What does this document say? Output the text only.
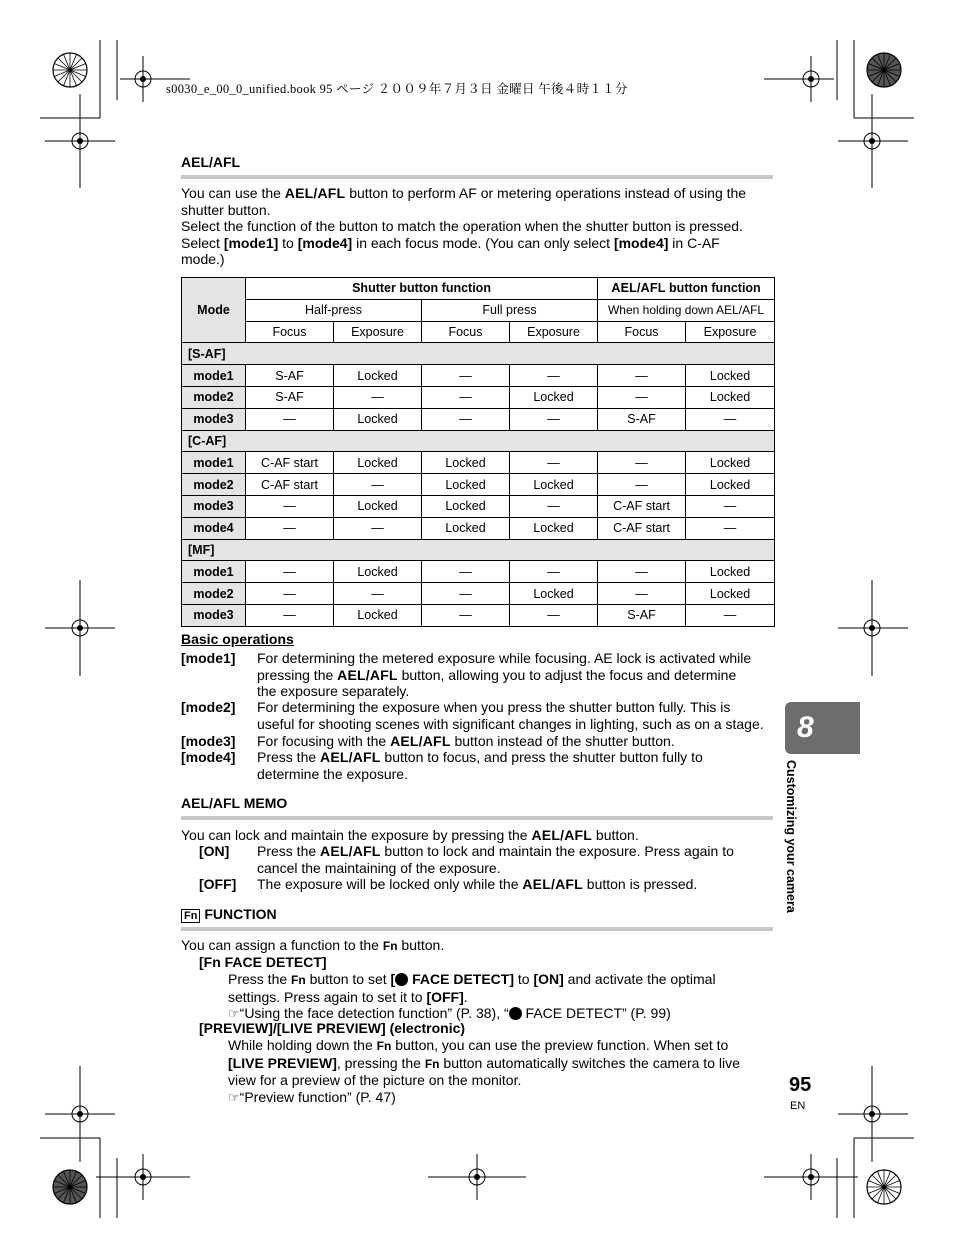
s0030_e_00_0_unified.book 95 ページ ２００９年７月３日 金曜日 午後４時１１分
AEL/AFL
You can use the AEL/AFL button to perform AF or metering operations instead of using the
shutter button.
Select the function of the button to match the operation when the shutter button is pressed.
Select [mode1] to [mode4] in each focus mode. (You can only select [mode4] in C-AF
mode.)
Mode	Shutter button function				AEL/AFL button function	
	Half-press		Full press		When holding down AEL/AFL	
	Focus	Exposure	Focus	Exposure	Focus	Exposure
[S-AF]						
mode1	S-AF	Locked	—	—	—	Locked
mode2	S-AF	—	—	Locked	—	Locked
mode3	—	Locked	—	—	S-AF	—
[C-AF]						
mode1	C-AF start	Locked	Locked	—	—	Locked
mode2	C-AF start	—	Locked	Locked	—	Locked
mode3	—	Locked	Locked	—	C-AF start	—
mode4	—	—	Locked	Locked	C-AF start	—
[MF]						
mode1	—	Locked	—	—	—	Locked
mode2	—	—	—	Locked	—	Locked
mode3	—	Locked	—	—	S-AF	—
Basic operations
[mode1] For determining the metered exposure while focusing. AE lock is activated while
pressing the AEL/AFL button, allowing you to adjust the focus and determine
the exposure separately.
[mode2] For determining the exposure when you press the shutter button fully. This is
useful for shooting scenes with significant changes in lighting, such as on a stage.
[mode3] For focusing with the AEL/AFL button instead of the shutter button.
[mode4] Press the AEL/AFL button to focus, and press the shutter button fully to
determine the exposure.
AEL/AFL MEMO
You can lock and maintain the exposure by pressing the AEL/AFL button.
[ON] Press the AEL/AFL button to lock and maintain the exposure. Press again to
cancel the maintaining of the exposure.
[OFF] The exposure will be locked only while the AEL/AFL button is pressed.
Fn FUNCTION
You can assign a function to the Fn button.
[Fn FACE DETECT]
Press the Fn button to set [ FACE DETECT] to [ON] and activate the optimal
settings. Press again to set it to [OFF].
☞“Using the face detection function” (P. 38), “ FACE DETECT” (P. 99)
[PREVIEW]/[LIVE PREVIEW] (electronic)
While holding down the Fn button, you can use the preview function. When set to
[LIVE PREVIEW], pressing the Fn button automatically switches the camera to live
view for a preview of the picture on the monitor.
☞“Preview function” (P. 47)
8
Customizing your camera
95
EN
